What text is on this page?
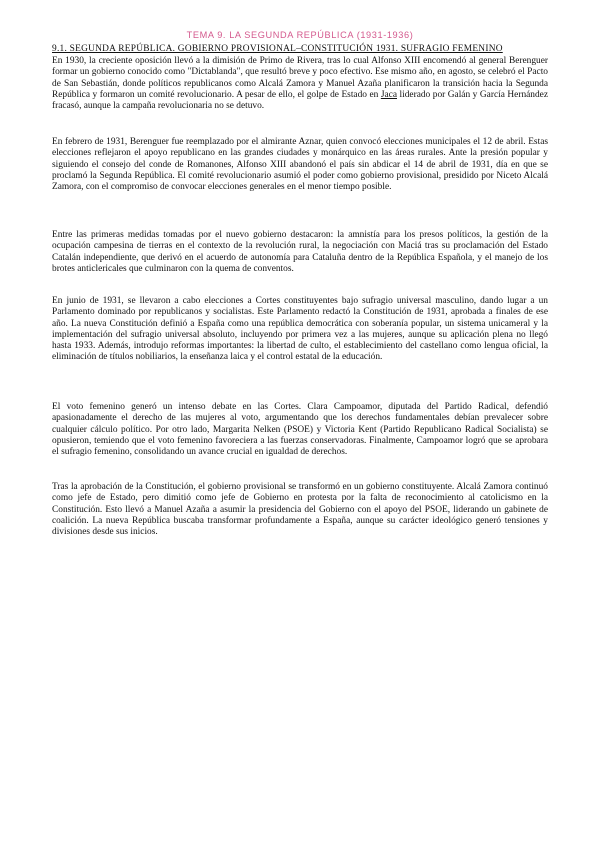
TEMA 9. LA SEGUNDA REPÚBLICA (1931-1936)
9.1. SEGUNDA REPÚBLICA. GOBIERNO PROVISIONAL–CONSTITUCIÓN 1931. SUFRAGIO FEMENINO

En 1930, la creciente oposición llevó a la dimisión de Primo de Rivera, tras lo cual Alfonso XIII encomendó al general Berenguer formar un gobierno conocido como "Dictablanda", que resultó breve y poco efectivo. Ese mismo año, en agosto, se celebró el Pacto de San Sebastián, donde políticos republicanos como Alcalá Zamora y Manuel Azaña planificaron la transición hacia la Segunda República y formaron un comité revolucionario. A pesar de ello, el golpe de Estado en Jaca liderado por Galán y García Hernández fracasó, aunque la campaña revolucionaria no se detuvo.

En febrero de 1931, Berenguer fue reemplazado por el almirante Aznar, quien convocó elecciones municipales el 12 de abril. Estas elecciones reflejaron el apoyo republicano en las grandes ciudades y monárquico en las áreas rurales. Ante la presión popular y siguiendo el consejo del conde de Romanones, Alfonso XIII abandonó el país sin abdicar el 14 de abril de 1931, día en que se proclamó la Segunda República. El comité revolucionario asumió el poder como gobierno provisional, presidido por Niceto Alcalá Zamora, con el compromiso de convocar elecciones generales en el menor tiempo posible.

Entre las primeras medidas tomadas por el nuevo gobierno destacaron: la amnistía para los presos políticos, la gestión de la ocupación campesina de tierras en el contexto de la revolución rural, la negociación con Maciá tras su proclamación del Estado Catalán independiente, que derivó en el acuerdo de autonomía para Cataluña dentro de la República Española, y el manejo de los brotes anticlericales que culminaron con la quema de conventos.

En junio de 1931, se llevaron a cabo elecciones a Cortes constituyentes bajo sufragio universal masculino, dando lugar a un Parlamento dominado por republicanos y socialistas. Este Parlamento redactó la Constitución de 1931, aprobada a finales de ese año. La nueva Constitución definió a España como una república democrática con soberanía popular, un sistema unicameral y la implementación del sufragio universal absoluto, incluyendo por primera vez a las mujeres, aunque su aplicación plena no llegó hasta 1933. Además, introdujo reformas importantes: la libertad de culto, el establecimiento del castellano como lengua oficial, la eliminación de títulos nobiliarios, la enseñanza laica y el control estatal de la educación.

El voto femenino generó un intenso debate en las Cortes. Clara Campoamor, diputada del Partido Radical, defendió apasionadamente el derecho de las mujeres al voto, argumentando que los derechos fundamentales debían prevalecer sobre cualquier cálculo político. Por otro lado, Margarita Nelken (PSOE) y Victoria Kent (Partido Republicano Radical Socialista) se opusieron, temiendo que el voto femenino favoreciera a las fuerzas conservadoras. Finalmente, Campoamor logró que se aprobara el sufragio femenino, consolidando un avance crucial en igualdad de derechos.

Tras la aprobación de la Constitución, el gobierno provisional se transformó en un gobierno constituyente. Alcalá Zamora continuó como jefe de Estado, pero dimitió como jefe de Gobierno en protesta por la falta de reconocimiento al catolicismo en la Constitución. Esto llevó a Manuel Azaña a asumir la presidencia del Gobierno con el apoyo del PSOE, liderando un gabinete de coalición. La nueva República buscaba transformar profundamente a España, aunque su carácter ideológico generó tensiones y divisiones desde sus inicios.
